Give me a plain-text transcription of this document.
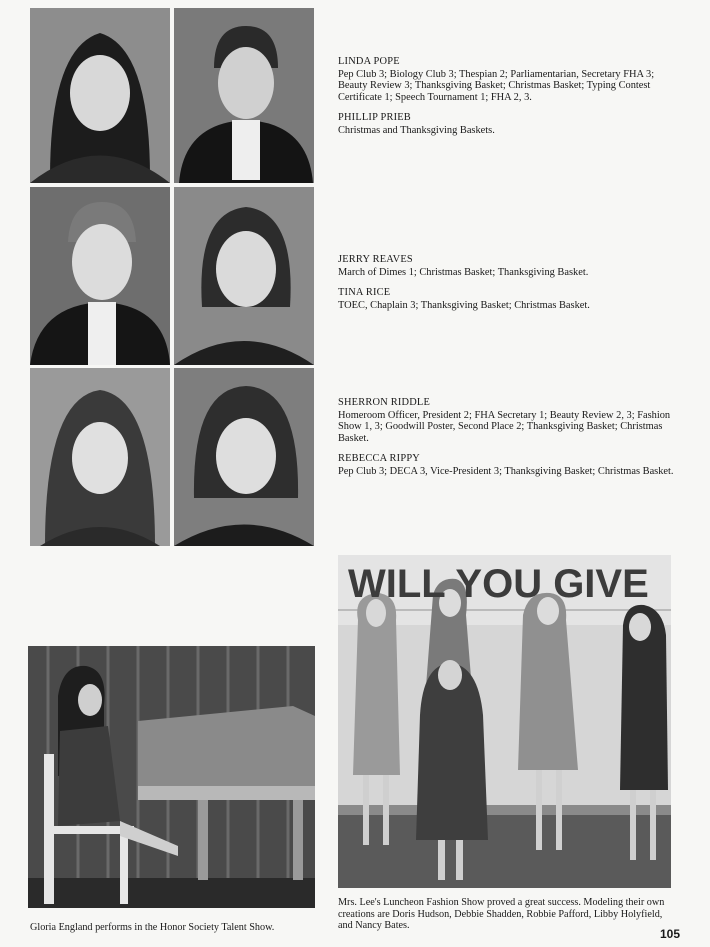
LINDA POPE
Pep Club 3; Biology Club 3; Thespian 2; Parliamentarian, Secretary FHA 3; Beauty Review 3; Thanksgiving Basket; Christmas Basket; Typing Contest Certificate 1; Speech Tournament 1; FHA 2, 3.
PHILLIP PRIEB
Christmas and Thanksgiving Baskets.
JERRY REAVES
March of Dimes 1; Christmas Basket; Thanksgiving Basket.
TINA RICE
TOEC, Chaplain 3; Thanksgiving Basket; Christmas Basket.
SHERRON RIDDLE
Homeroom Officer, President 2; FHA Secretary 1; Beauty Review 2, 3; Fashion Show 1, 3; Goodwill Poster, Second Place 2; Thanksgiving Basket; Christmas Basket.
REBECCA RIPPY
Pep Club 3; DECA 3, Vice-President 3; Thanksgiving Basket; Christmas Basket.
WILL YOU GIVE
Gloria England performs in the Honor Society Talent Show.
Mrs. Lee's Luncheon Fashion Show proved a great success. Modeling their own creations are Doris Hudson, Debbie Shadden, Robbie Pafford, Libby Holyfield, and Nancy Bates.
105
